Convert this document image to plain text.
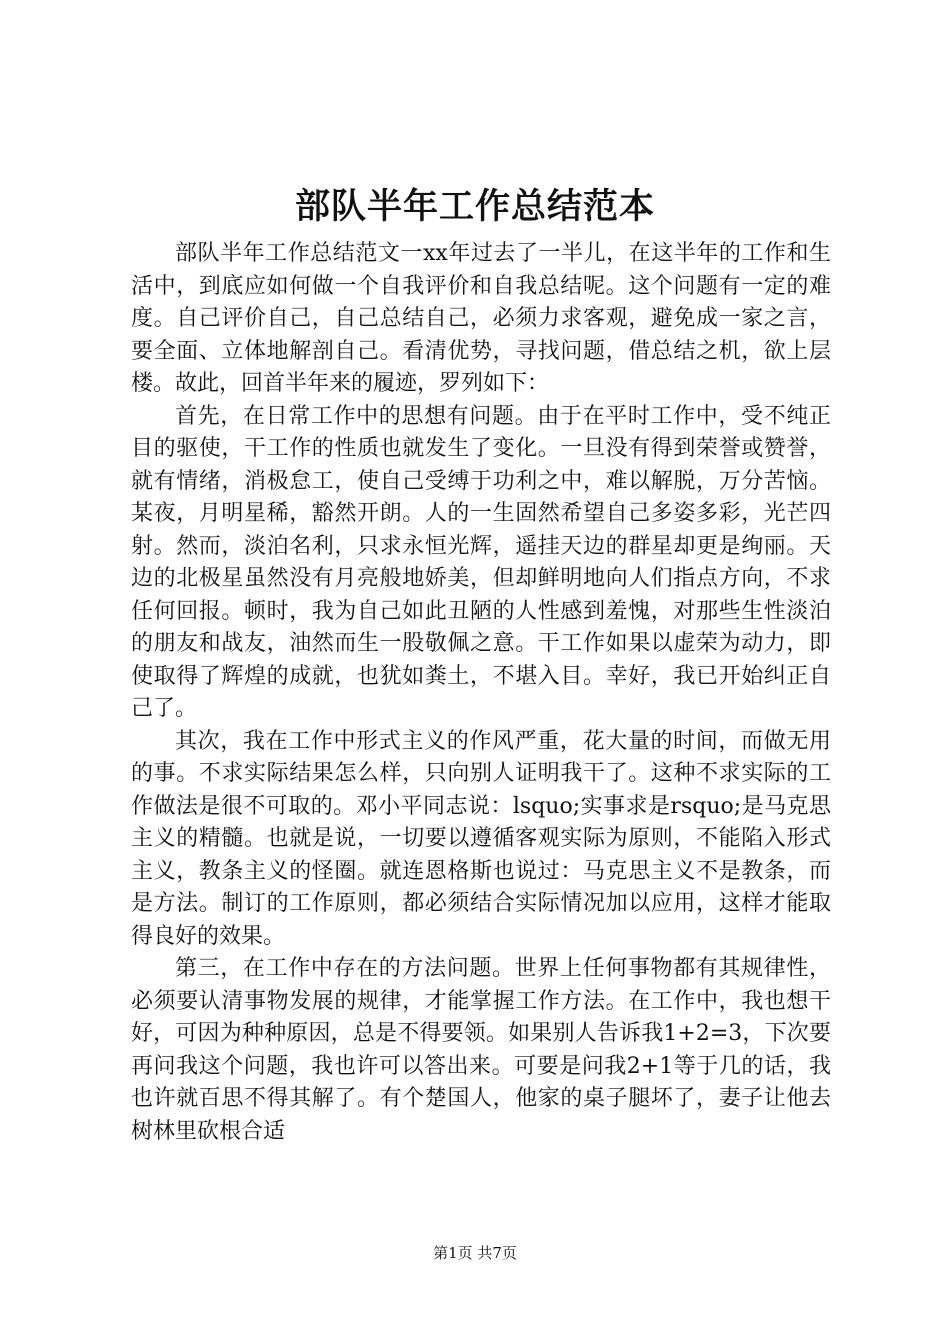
部队半年工作总结范本

部队半年工作总结范文一xx年过去了一半儿，在这半年的工作和生活中，到底应如何做一个自我评价和自我总结呢。这个问题有一定的难度。自己评价自己，自己总结自己，必须力求客观，避免成一家之言，要全面、立体地解剖自己。看清优势，寻找问题，借总结之机，欲上层楼。故此，回首半年来的履迹，罗列如下：

首先，在日常工作中的思想有问题。由于在平时工作中，受不纯正目的驱使，干工作的性质也就发生了变化。一旦没有得到荣誉或赞誉，就有情绪，消极怠工，使自己受缚于功利之中，难以解脱，万分苦恼。某夜，月明星稀，豁然开朗。人的一生固然希望自己多姿多彩，光芒四射。然而，淡泊名利，只求永恒光辉，遥挂天边的群星却更是绚丽。天边的北极星虽然没有月亮般地娇美，但却鲜明地向人们指点方向，不求任何回报。顿时，我为自己如此丑陋的人性感到羞愧，对那些生性淡泊的朋友和战友，油然而生一股敬佩之意。干工作如果以虚荣为动力，即使取得了辉煌的成就，也犹如粪土，不堪入目。幸好，我已开始纠正自己了。

其次，我在工作中形式主义的作风严重，花大量的时间，而做无用的事。不求实际结果怎么样，只向别人证明我干了。这种不求实际的工作做法是很不可取的。邓小平同志说：lsquo;实事求是rsquo;是马克思主义的精髓。也就是说，一切要以遵循客观实际为原则，不能陷入形式主义，教条主义的怪圈。就连恩格斯也说过：马克思主义不是教条，而是方法。制订的工作原则，都必须结合实际情况加以应用，这样才能取得良好的效果。

第三，在工作中存在的方法问题。世界上任何事物都有其规律性，必须要认清事物发展的规律，才能掌握工作方法。在工作中，我也想干好，可因为种种原因，总是不得要领。如果别人告诉我1+2=3，下次要再问我这个问题，我也许可以答出来。可要是问我2+1等于几的话，我也许就百思不得其解了。有个楚国人，他家的桌子腿坏了，妻子让他去树林里砍根合适

第1页 共7页
